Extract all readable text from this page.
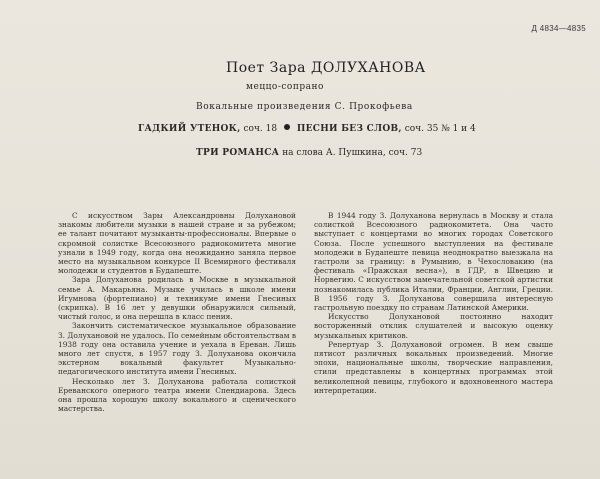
Д 4834—4835
Поет Зара ДОЛУХАНОВА
меццо-сопрано
Вокальные произведения С. Прокофьева
ГАДКИЙ УТЕНОК, соч. 18 ПЕСНИ БЕЗ СЛОВ, соч. 35 № 1 и 4
ТРИ РОМАНСА на слова А. Пушкина, соч. 73

С искусством Зары Александровны Долухановой знакомы любители музыки в нашей стране и за рубежом; ее талант почитают музыканты-профессионалы. Впервые о скромной солистке Всесоюзного радиокомитета многие узнали в 1949 году, когда она неожиданно заняла первое место на музыкальном конкурсе II Всемирного фестиваля молодежи и студентов в Будапеште.

Зара Долуханова родилась в Москве в музыкальной семье А. Макарьяна. Музыке училась в школе имени Игумнова (фортепиано) и техникуме имени Гнесиных (скрипка). В 16 лет у девушки обнаружился сильный, чистый голос, и она перешла в класс пения.

Закончить систематическое музыкальное образование З. Долухановой не удалось. По семейным обстоятельствам в 1938 году она оставила учение и уехала в Ереван. Лишь много лет спустя, в 1957 году З. Долуханова окончила экстерном вокальный факультет Музыкально-педагогического института имени Гнесиных.

Несколько лет З. Долуханова работала солисткой Ереванского оперного театра имени Спендиарова. Здесь она прошла хорошую школу вокального и сценического мастерства.

В 1944 году З. Долуханова вернулась в Москву и стала солисткой Всесоюзного радиокомитета. Она часто выступает с концертами во многих городах Советского Союза. После успешного выступления на фестивале молодежи в Будапеште певица неоднократно выезжала на гастроли за границу: в Румынию, в Чехословакию (на фестиваль «Пражская весна»), в ГДР, в Швецию и Норвегию. С искусством замечательной советской артистки познакомилась публика Италии, Франции, Англии, Греции. В 1956 году З. Долуханова совершила интересную гастрольную поездку по странам Латинской Америки.

Искусство Долухановой постоянно находит восторженный отклик слушателей и высокую оценку музыкальных критиков.

Репертуар З. Долухановой огромен. В нем свыше пятисот различных вокальных произведений. Многие эпохи, национальные школы, творческие направления, стили представлены в концертных программах этой великолепной певицы, глубокого и вдохновенного мастера интерпретации.
